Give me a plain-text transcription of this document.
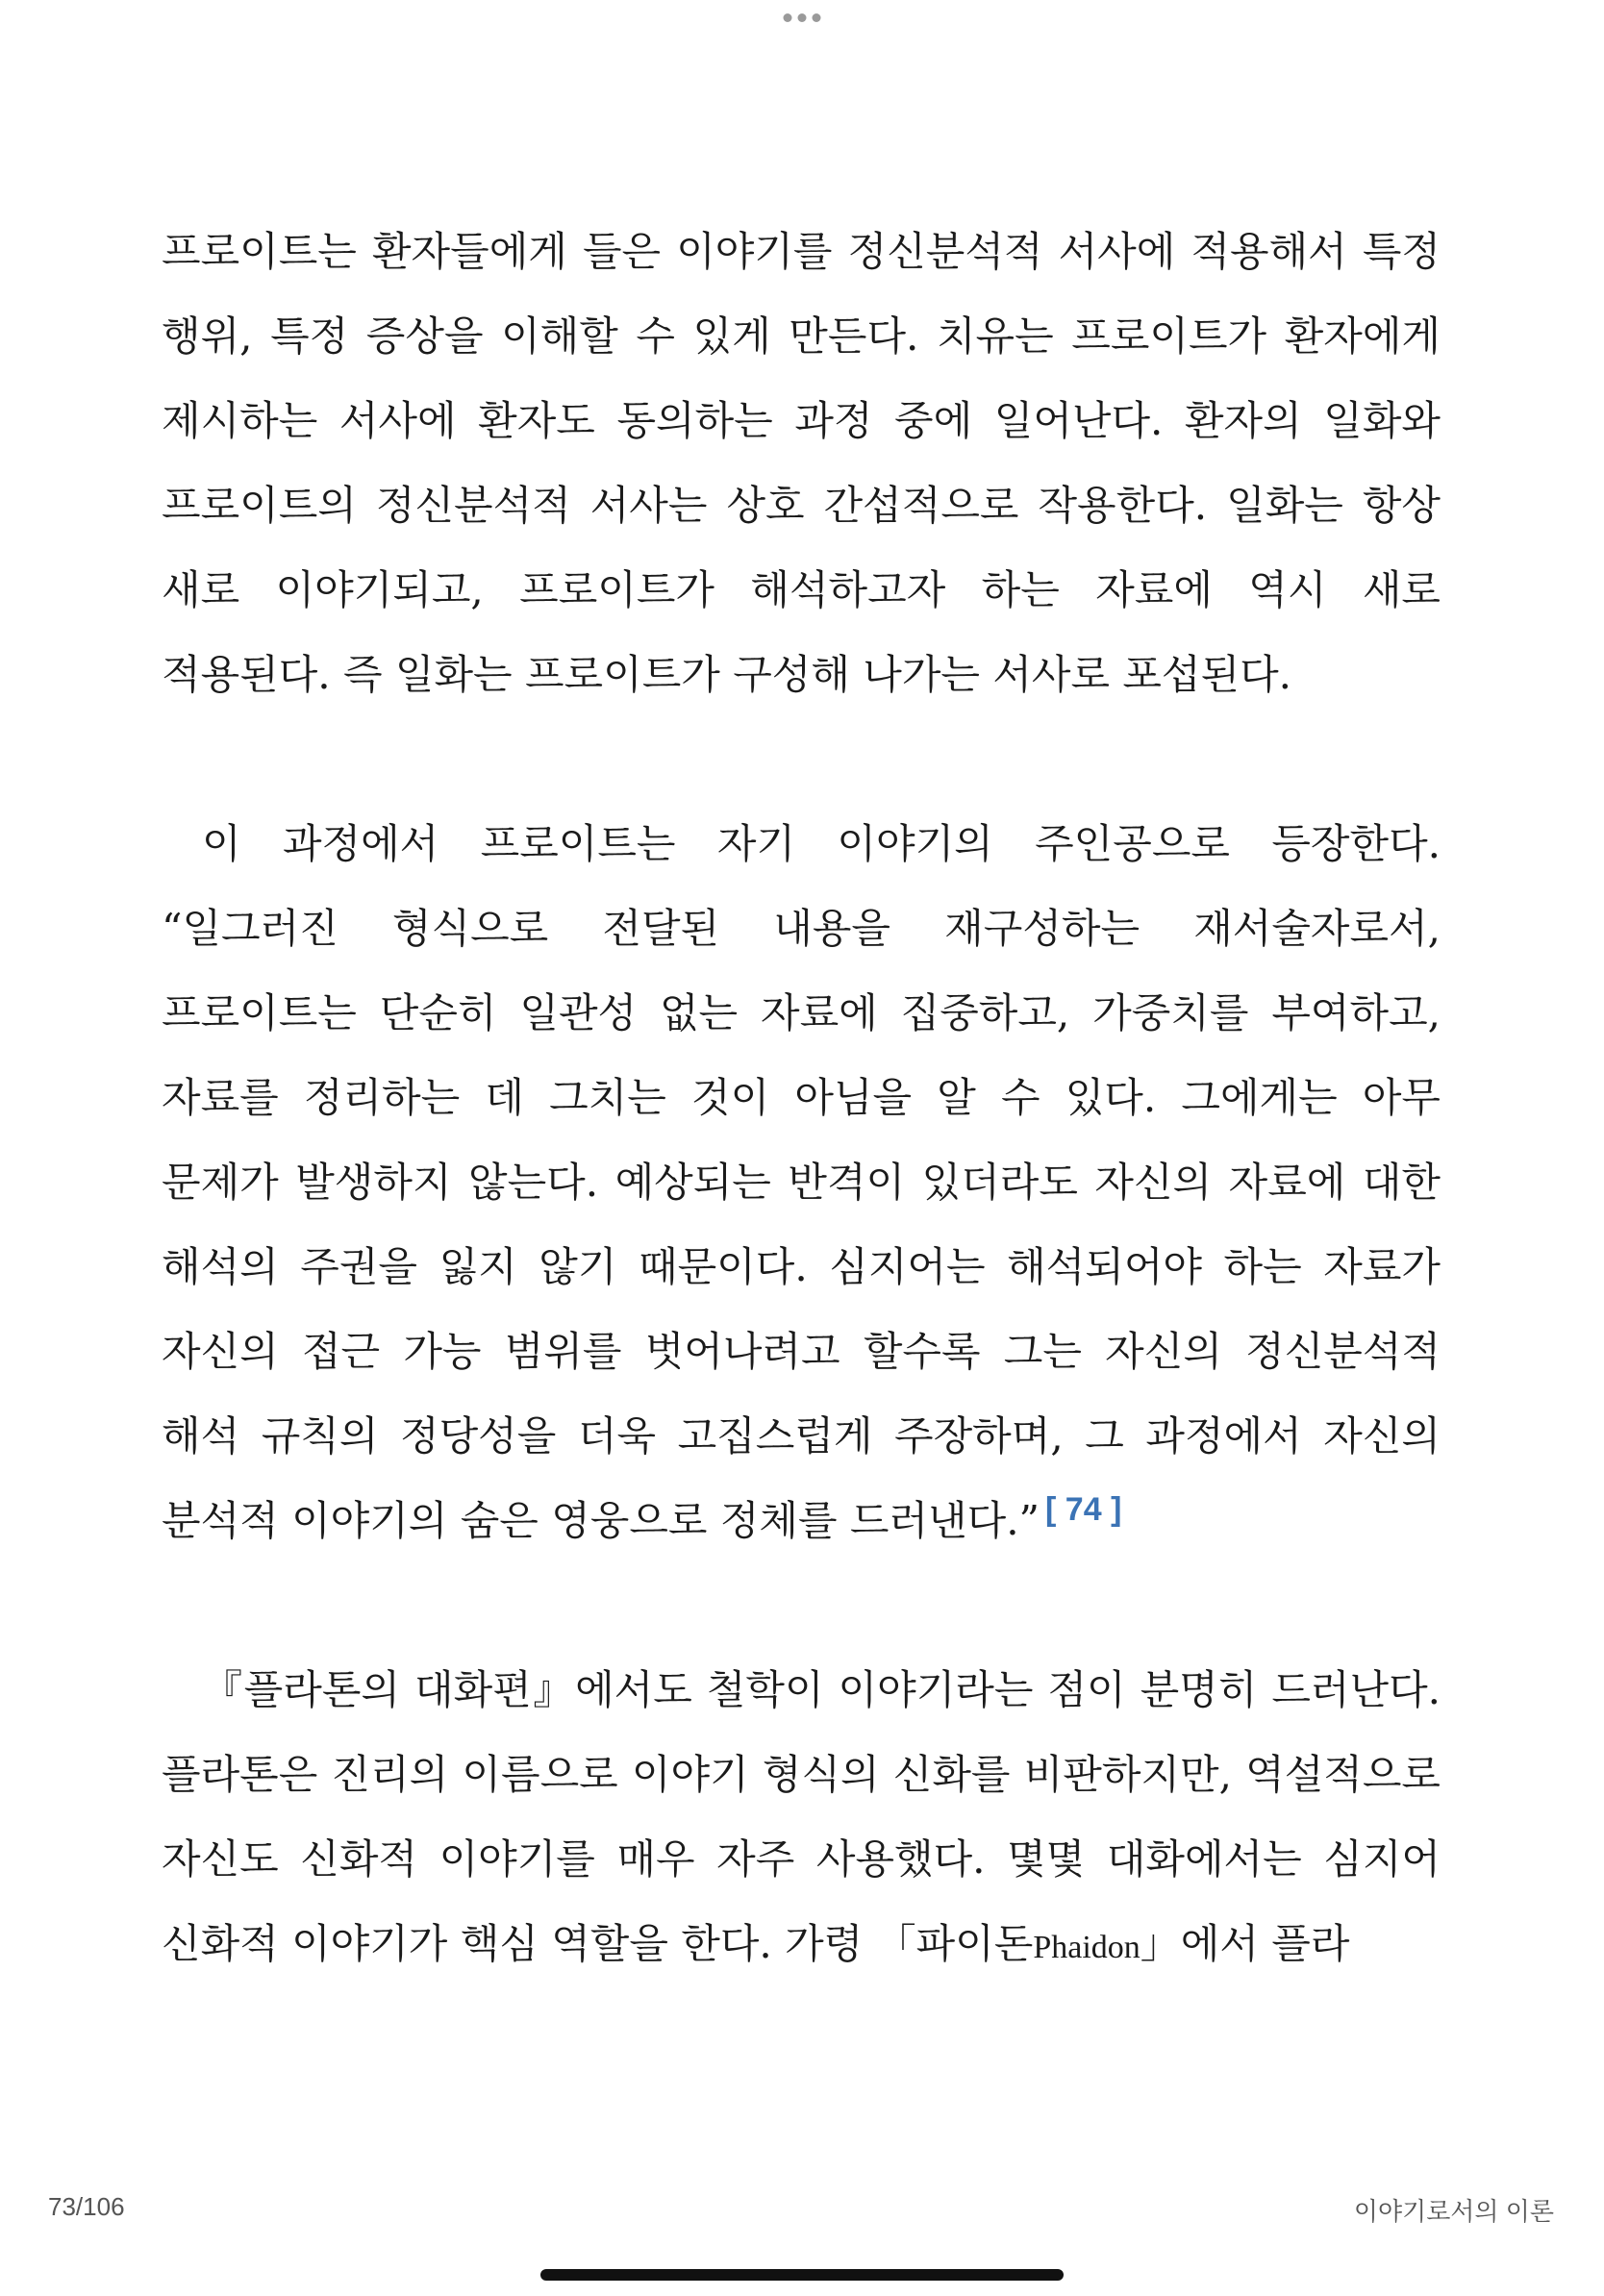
프로이트는 환자들에게 들은 이야기를 정신분석적 서사에 적용해서 특정 행위, 특정 증상을 이해할 수 있게 만든다. 치유는 프로이트가 환자에게 제시하는 서사에 환자도 동의하는 과정 중에 일어난다. 환자의 일화와 프로이트의 정신분석적 서사는 상호 간섭적으로 작용한다. 일화는 항상 새로 이야기되고, 프로이트가 해석하고자 하는 자료에 역시 새로 적용된다. 즉 일화는 프로이트가 구성해 나가는 서사로 포섭된다.

이 과정에서 프로이트는 자기 이야기의 주인공으로 등장한다. “일그러진 형식으로 전달된 내용을 재구성하는 재서술자로서, 프로이트는 단순히 일관성 없는 자료에 집중하고, 가중치를 부여하고, 자료를 정리하는 데 그치는 것이 아님을 알 수 있다. 그에게는 아무 문제가 발생하지 않는다. 예상되는 반격이 있더라도 자신의 자료에 대한 해석의 주권을 잃지 않기 때문이다. 심지어는 해석되어야 하는 자료가 자신의 접근 가능 범위를 벗어나려고 할수록 그는 자신의 정신분석적 해석 규칙의 정당성을 더욱 고집스럽게 주장하며, 그 과정에서 자신의 분석적 이야기의 숨은 영웅으로 정체를 드러낸다.” [ 74 ]

『플라톤의 대화편』에서도 철학이 이야기라는 점이 분명히 드러난다. 플라톤은 진리의 이름으로 이야기 형식의 신화를 비판하지만, 역설적으로 자신도 신화적 이야기를 매우 자주 사용했다. 몇몇 대화에서는 심지어 신화적 이야기가 핵심 역할을 한다. 가령 「파이돈Phaidon」에서 플라

73/106	이야기로서의 이론
